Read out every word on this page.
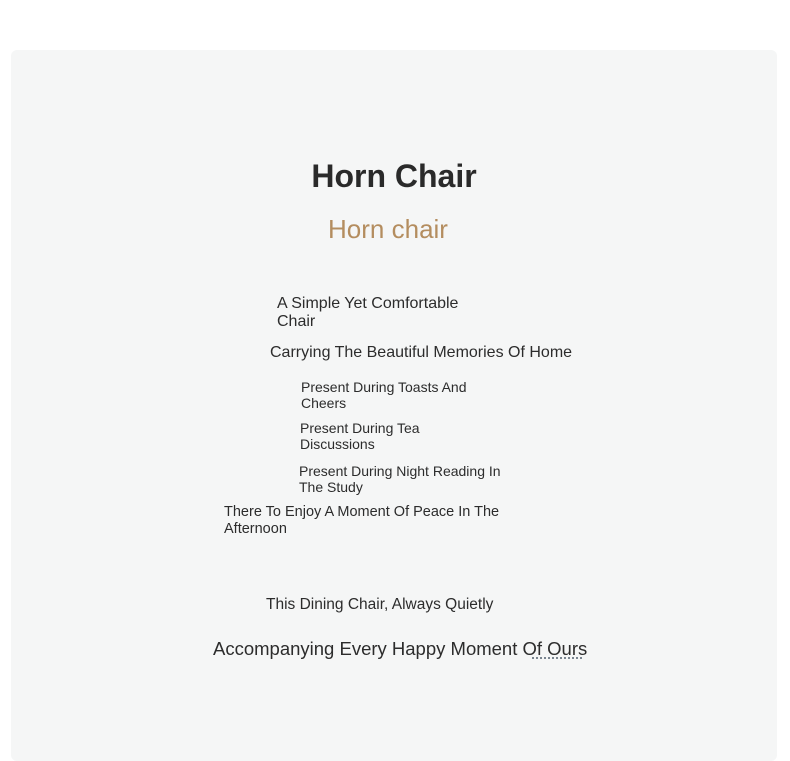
Horn Chair
Horn chair
A Simple Yet Comfortable Chair
Carrying The Beautiful Memories Of Home
Present During Toasts And Cheers
Present During Tea Discussions
Present During Night Reading In The Study
There To Enjoy A Moment Of Peace In The Afternoon
This Dining Chair, Always Quietly
Accompanying Every Happy Moment Of Ours
